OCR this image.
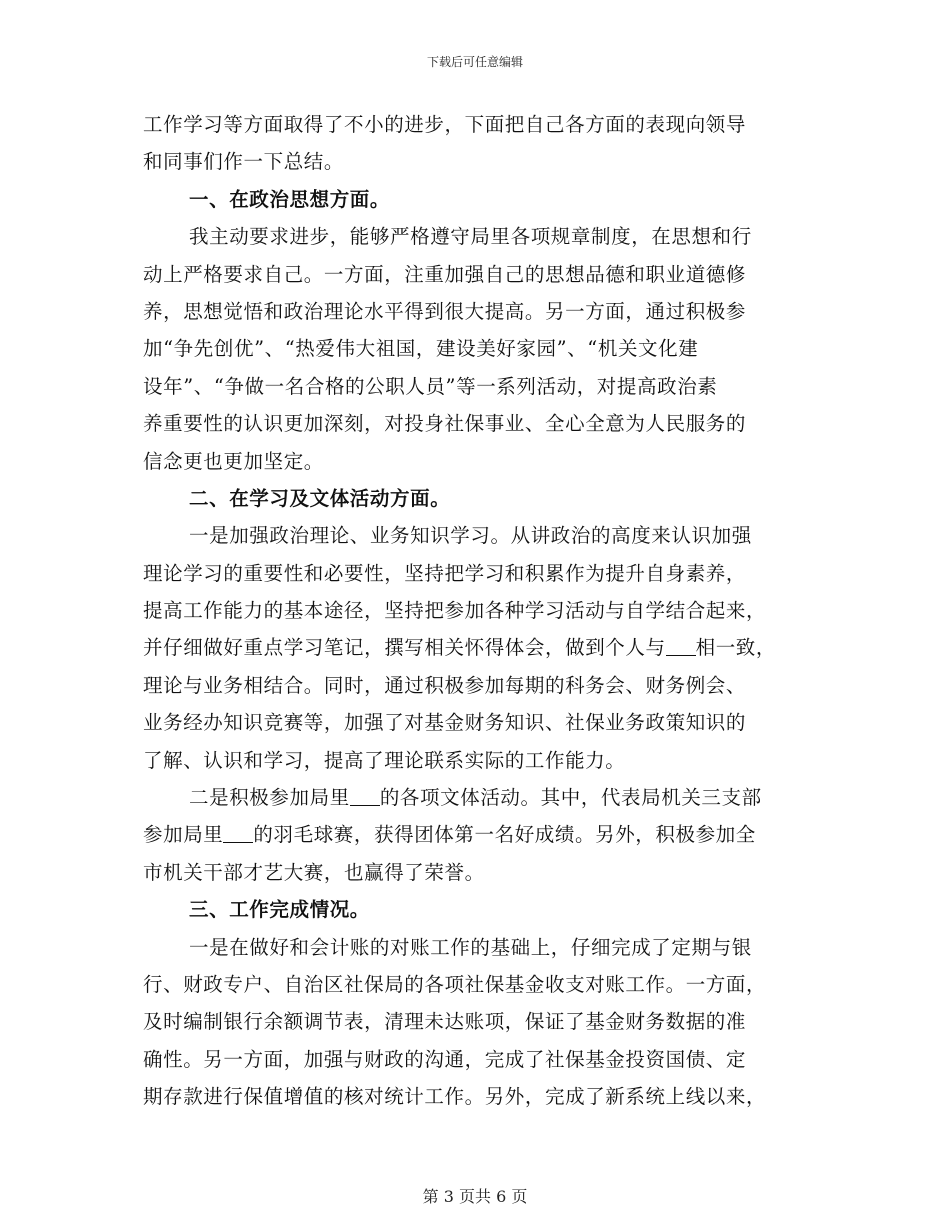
下载后可任意编辑
工作学习等方面取得了不小的进步，下面把自己各方面的表现向领导
和同事们作一下总结。
一、在政治思想方面。
我主动要求进步，能够严格遵守局里各项规章制度，在思想和行
动上严格要求自己。一方面，注重加强自己的思想品德和职业道德修
养，思想觉悟和政治理论水平得到很大提高。另一方面，通过积极参
加“争先创优”、“热爱伟大祖国，建设美好家园”、“机关文化建
设年”、“争做一名合格的公职人员”等一系列活动，对提高政治素
养重要性的认识更加深刻，对投身社保事业、全心全意为人民服务的
信念更也更加坚定。
二、在学习及文体活动方面。
一是加强政治理论、业务知识学习。从讲政治的高度来认识加强
理论学习的重要性和必要性，坚持把学习和积累作为提升自身素养，
提高工作能力的基本途径，坚持把参加各种学习活动与自学结合起来，
并仔细做好重点学习笔记，撰写相关怀得体会，做到个人与 相一致，
理论与业务相结合。同时，通过积极参加每期的科务会、财务例会、
业务经办知识竞赛等，加强了对基金财务知识、社保业务政策知识的
了解、认识和学习，提高了理论联系实际的工作能力。
二是积极参加局里 的各项文体活动。其中，代表局机关三支部
参加局里 的羽毛球赛，获得团体第一名好成绩。另外，积极参加全
市机关干部才艺大赛，也赢得了荣誉。
三、工作完成情况。
一是在做好和会计账的对账工作的基础上，仔细完成了定期与银
行、财政专户、自治区社保局的各项社保基金收支对账工作。一方面，
及时编制银行余额调节表，清理未达账项，保证了基金财务数据的准
确性。另一方面，加强与财政的沟通，完成了社保基金投资国债、定
期存款进行保值增值的核对统计工作。另外，完成了新系统上线以来，
第 3 页共 6 页
